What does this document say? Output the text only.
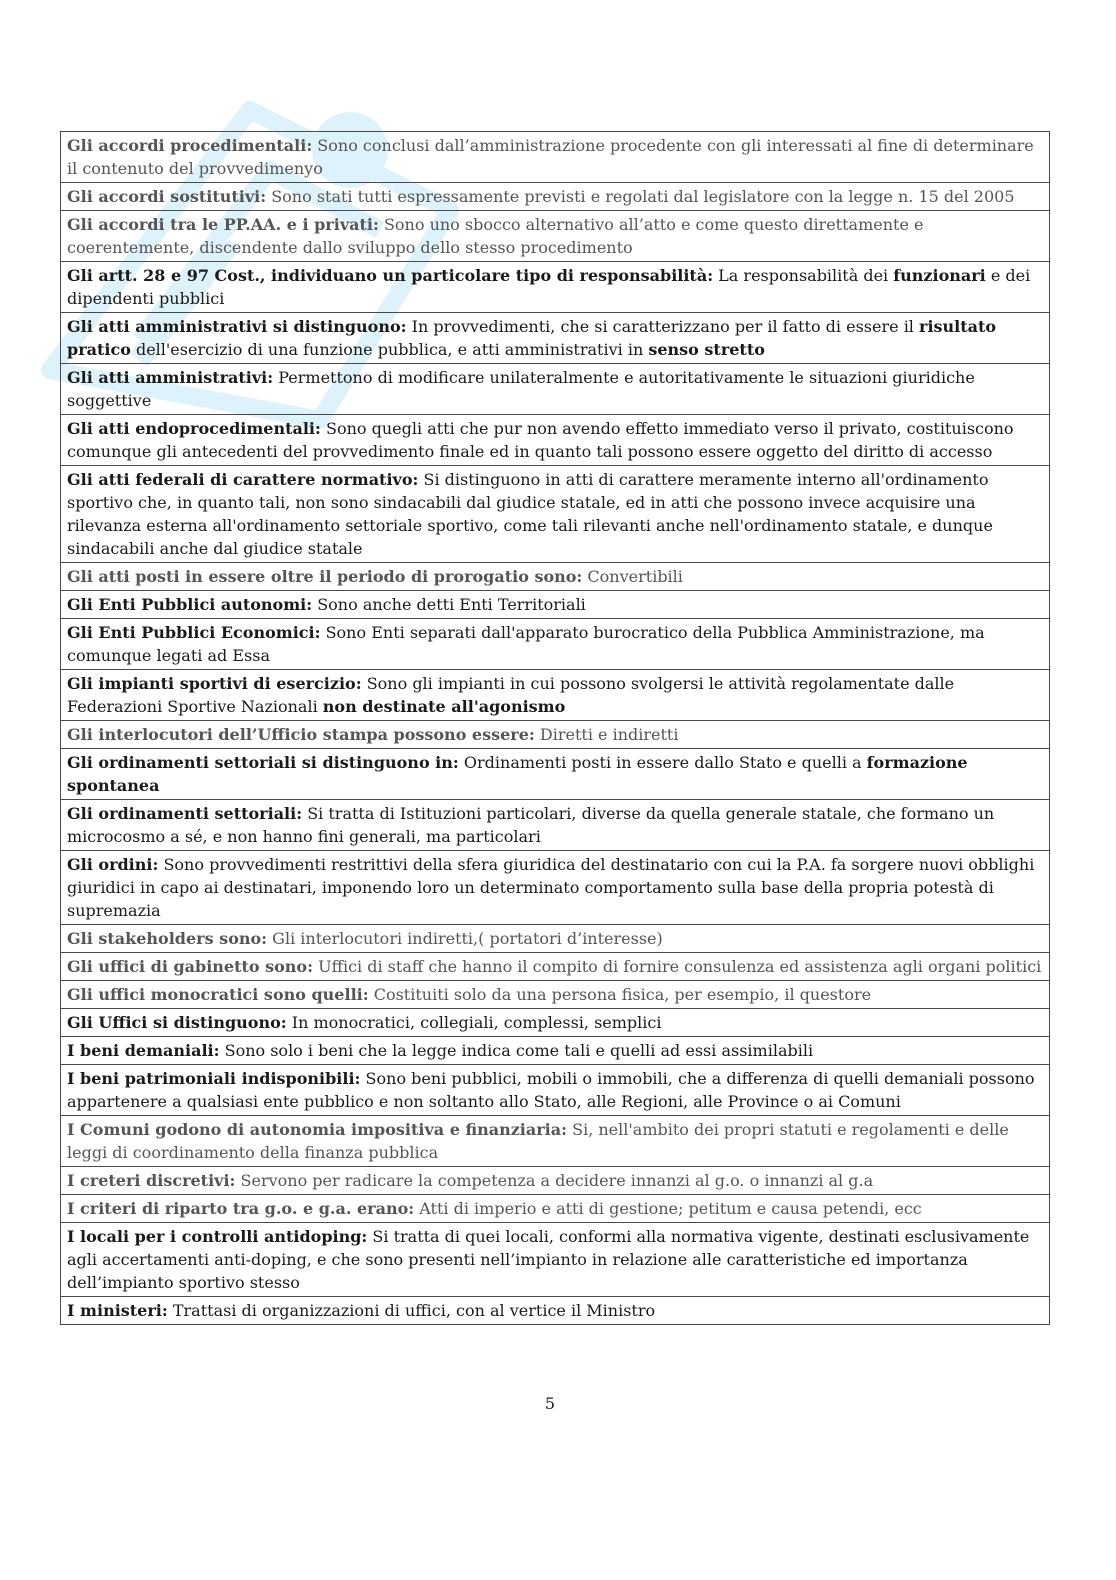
Gli accordi procedimentali: Sono conclusi dall’amministrazione procedente con gli interessati al fine di determinare il contenuto del provvedimenyo
Gli accordi sostitutivi: Sono stati tutti espressamente previsti e regolati dal legislatore con la legge n. 15 del 2005
Gli accordi tra le PP.AA. e i privati: Sono uno sbocco alternativo all’atto e come questo direttamente e coerentemente, discendente dallo sviluppo dello stesso procedimento
Gli artt. 28 e 97 Cost., individuano un particolare tipo di responsabilità: La responsabilità dei funzionari e dei dipendenti pubblici
Gli atti amministrativi si distinguono: In provvedimenti, che si caratterizzano per il fatto di essere il risultato pratico dell'esercizio di una funzione pubblica, e atti amministrativi in senso stretto
Gli atti amministrativi: Permettono di modificare unilateralmente e autoritativamente le situazioni giuridiche soggettive
Gli atti endoprocedimentali: Sono quegli atti che pur non avendo effetto immediato verso il privato, costituiscono comunque gli antecedenti del provvedimento finale ed in quanto tali possono essere oggetto del diritto di accesso
Gli atti federali di carattere normativo: Si distinguono in atti di carattere meramente interno all'ordinamento sportivo che, in quanto tali, non sono sindacabili dal giudice statale, ed in atti che possono invece acquisire una rilevanza esterna all'ordinamento settoriale sportivo, come tali rilevanti anche nell'ordinamento statale, e dunque sindacabili anche dal giudice statale
Gli atti posti in essere oltre il periodo di prorogatio sono: Convertibili
Gli Enti Pubblici autonomi: Sono anche detti Enti Territoriali
Gli Enti Pubblici Economici: Sono Enti separati dall'apparato burocratico della Pubblica Amministrazione, ma comunque legati ad Essa
Gli impianti sportivi di esercizio: Sono gli impianti in cui possono svolgersi le attività regolamentate dalle Federazioni Sportive Nazionali non destinate all'agonismo
Gli interlocutori dell’Ufficio stampa possono essere: Diretti e indiretti
Gli ordinamenti settoriali si distinguono in: Ordinamenti posti in essere dallo Stato e quelli a formazione spontanea
Gli ordinamenti settoriali: Si tratta di Istituzioni particolari, diverse da quella generale statale, che formano un microcosmo a sé, e non hanno fini generali, ma particolari
Gli ordini: Sono provvedimenti restrittivi della sfera giuridica del destinatario con cui la P.A. fa sorgere nuovi obblighi giuridici in capo ai destinatari, imponendo loro un determinato comportamento sulla base della propria potestà di supremazia
Gli stakeholders sono: Gli interlocutori indiretti,( portatori d’interesse)
Gli uffici di gabinetto sono: Uffici di staff che hanno il compito di fornire consulenza ed assistenza agli organi politici
Gli uffici monocratici sono quelli: Costituiti solo da una persona fisica, per esempio, il questore
Gli Uffici si distinguono: In monocratici, collegiali, complessi, semplici
I beni demaniali: Sono solo i beni che la legge indica come tali e quelli ad essi assimilabili
I beni patrimoniali indisponibili: Sono beni pubblici, mobili o immobili, che a differenza di quelli demaniali possono appartenere a qualsiasi ente pubblico e non soltanto allo Stato, alle Regioni, alle Province o ai Comuni
I Comuni godono di autonomia impositiva e finanziaria: Si, nell'ambito dei propri statuti e regolamenti e delle leggi di coordinamento della finanza pubblica
I creteri discretivi: Servono per radicare la competenza a decidere innanzi al g.o. o innanzi al g.a
I criteri di riparto tra g.o. e g.a. erano: Atti di imperio e atti di gestione; petitum e causa petendi, ecc
I locali per i controlli antidoping: Si tratta di quei locali, conformi alla normativa vigente, destinati esclusivamente agli accertamenti anti-doping, e che sono presenti nell’impianto in relazione alle caratteristiche ed importanza dell’impianto sportivo stesso
I ministeri: Trattasi di organizzazioni di uffici, con al vertice il Ministro
5
